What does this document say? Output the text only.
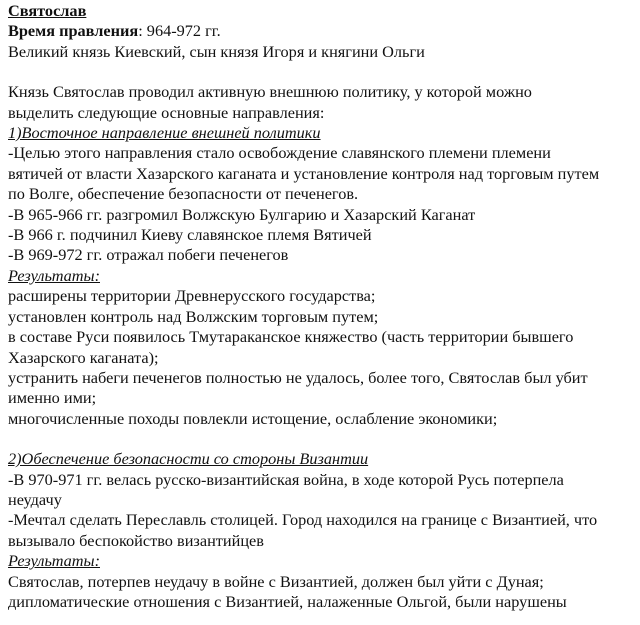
Святослав
Время правления: 964-972 гг.
Великий князь Киевский, сын князя Игоря и княгини Ольги
Князь Святослав проводил активную внешнюю политику, у которой можно
выделить следующие основные направления:
1)Восточное направление внешней политики
-Целью этого направления стало освобождение славянского племени племени
вятичей от власти Хазарского каганата и установление контроля над торговым путем
по Волге, обеспечение безопасности от печенегов.
-В 965-966 гг. разгромил Волжскую Булгарию и Хазарский Каганат
-В 966 г. подчинил Киеву славянское племя Вятичей
-В 969-972 гг. отражал побеги печенегов
Результаты:
расширены территории Древнерусского государства;
установлен контроль над Волжским торговым путем;
в составе Руси появилось Тмутараканское княжество (часть территории бывшего
Хазарского каганата);
устранить набеги печенегов полностью не удалось, более того, Святослав был убит
именно ими;
многочисленные походы повлекли истощение, ослабление экономики;
2)Обеспечение безопасности со стороны Византии
-В 970-971 гг. велась русско-византийская война, в ходе которой Русь потерпела
неудачу
-Мечтал сделать Переславль столицей. Город находился на границе с Византией, что
вызывало беспокойство византийцев
Результаты:
Святослав, потерпев неудачу в войне с Византией, должен был уйти с Дуная;
дипломатические отношения с Византией, налаженные Ольгой, были нарушены
